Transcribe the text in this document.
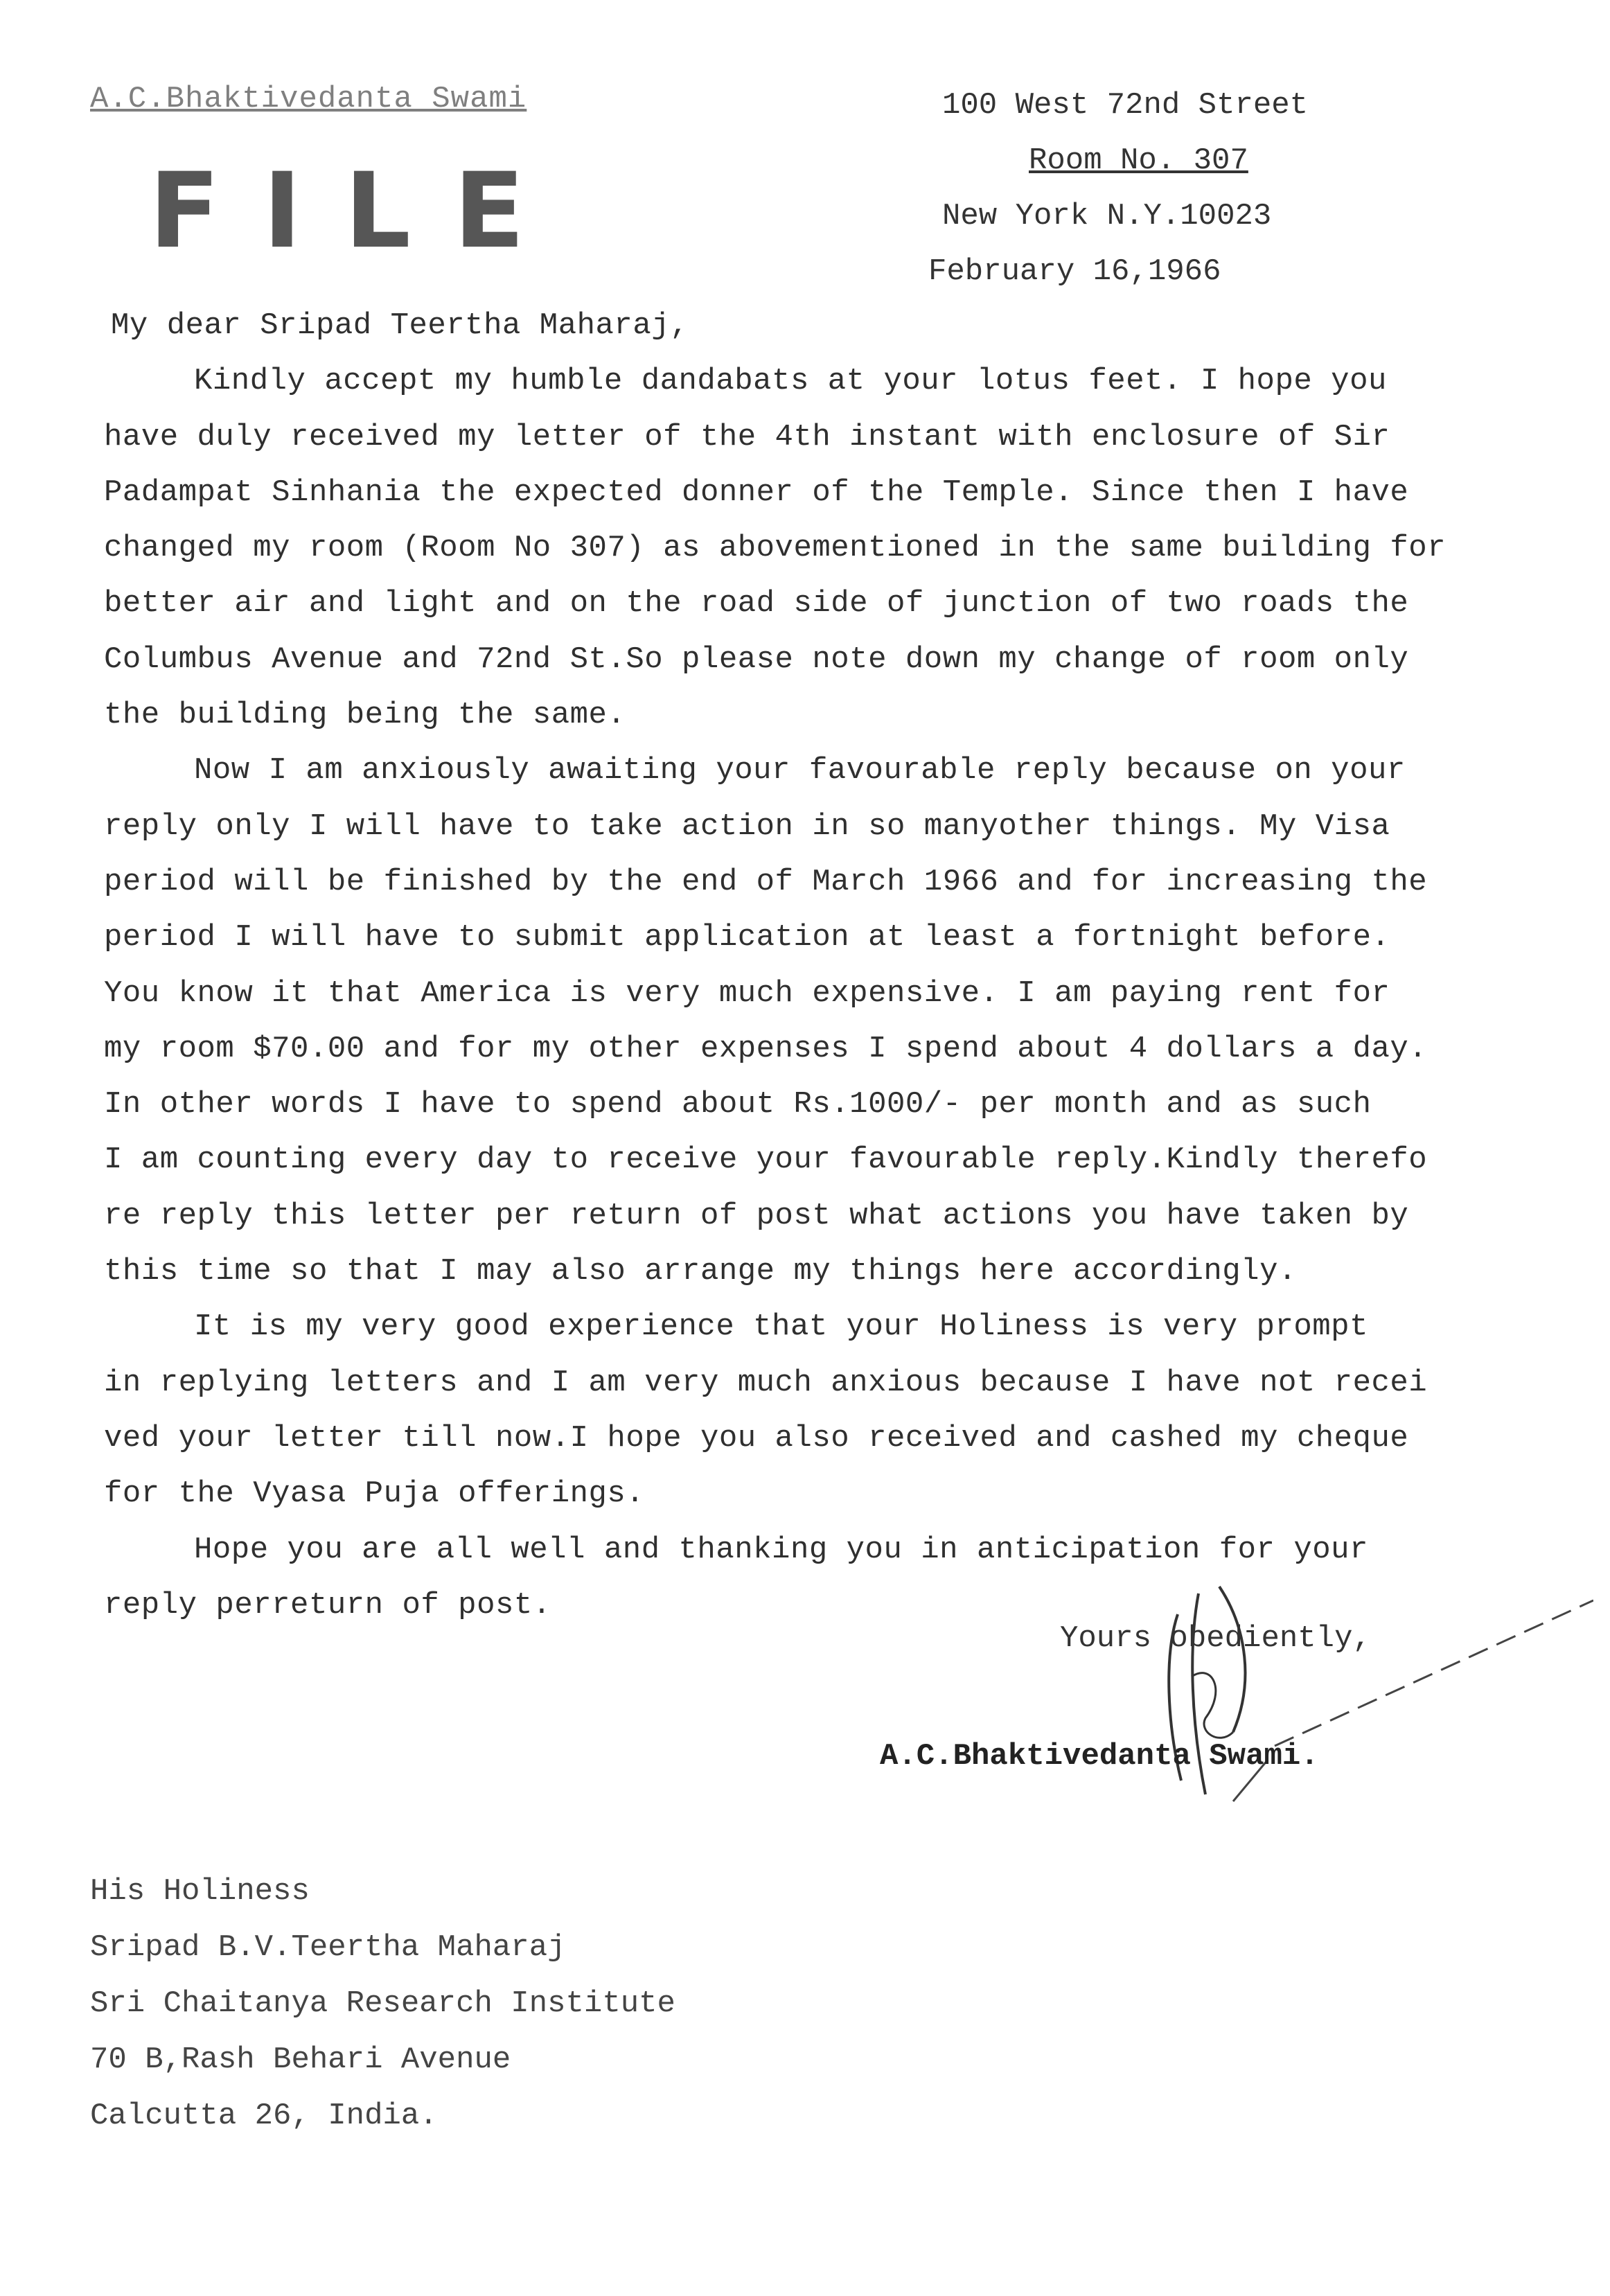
A.C.Bhaktivedanta Swami
FILE
100 West 72nd Street
Room No. 307
New York N.Y.10023
February 16,1966

My dear Sripad Teertha Maharaj,

Kindly accept my humble dandabats at your lotus feet. I hope you
have duly received my letter of the 4th instant with enclosure of Sir
Padampat Sinhania the expected donner of the Temple. Since then I have
changed my room (Room No 307) as abovementioned in the same building for
better air and light and on the road side of junction of two roads the
Columbus Avenue and 72nd St.So please note down my change of room only
the building being the same.

Now I am anxiously awaiting your favourable reply because on your
reply only I will have to take action in so manyother things. My Visa
period will be finished by the end of March 1966 and for increasing the
period I will have to submit application at least a fortnight before.
You know it that America is very much expensive. I am paying rent for
my room $70.00 and for my other expenses I spend about 4 dollars a day.
In other words I have to spend about Rs.1000/- per month and as such
I am counting every day to receive your favourable reply.Kindly therefo
re reply this letter per return of post what actions you have taken by
this time so that I may also arrange my things here accordingly.

It is my very good experience that your Holiness is very prompt
in replying letters and I am very much anxious because I have not recei
ved your letter till now.I hope you also received and cashed my cheque
for the Vyasa Puja offerings.

Hope you are all well and thanking you in anticipation for your
reply perreturn of post.

Yours obediently,
A.C.Bhaktivedanta Swami.
His Holiness
Sripad B.V.Teertha Maharaj
Sri Chaitanya Research Institute
70 B,Rash Behari Avenue
Calcutta 26, India.
